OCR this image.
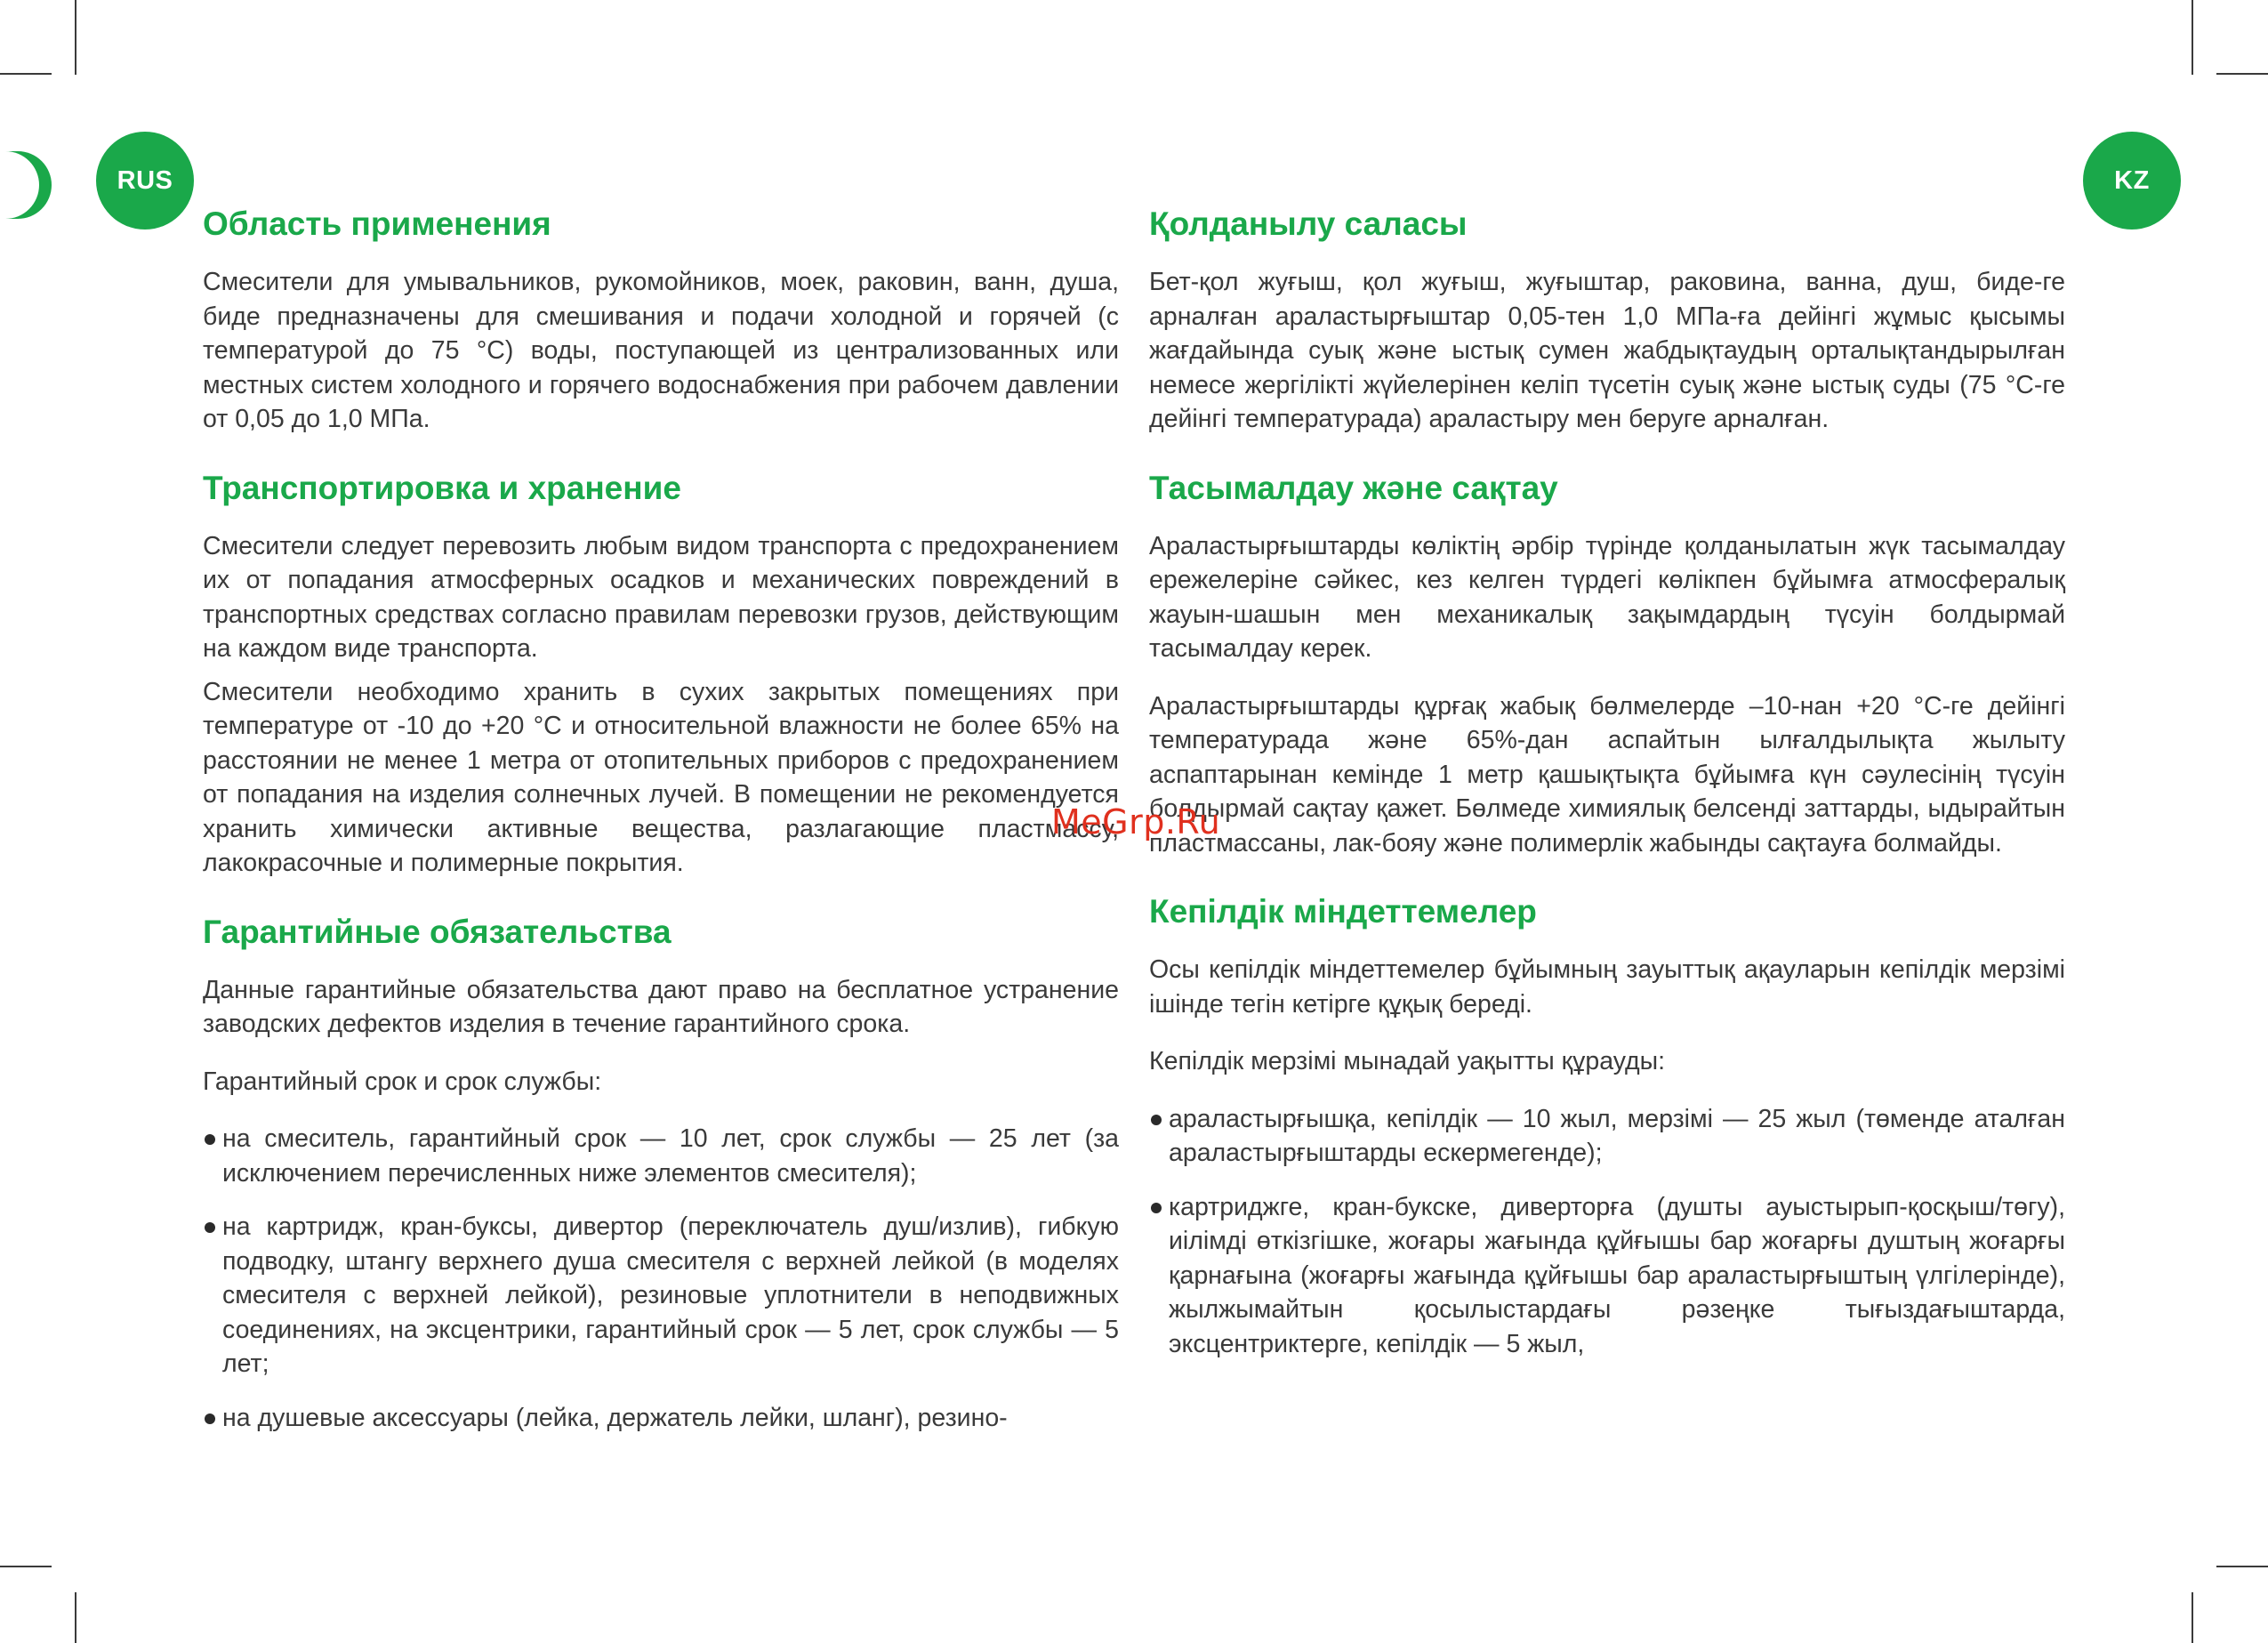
RUS	KZ
Область применения

Смесители для умывальников, рукомойников, моек, раковин, ванн, душа, биде предназначены для смешивания и подачи холодной и горячей (с температурой до 75 °С) воды, поступающей из централизованных или местных систем холодного и горячего водоснабжения при рабочем давлении от 0,05 до 1,0 МПа.

Транспортировка и хранение

Смесители следует перевозить любым видом транспорта с предохранением их от попадания атмосферных осадков и механических повреждений в транспортных средствах согласно правилам перевозки грузов, действующим на каждом виде транспорта.

Смесители необходимо хранить в сухих закрытых помещениях при температуре от -10 до +20 °С и относительной влажности не более 65% на расстоянии не менее 1 метра от отопительных приборов с предохранением от попадания на изделия солнечных лучей. В помещении не рекомендуется хранить химически активные вещества, разлагающие пластмассу, лакокрасочные и полимерные покрытия.

Гарантийные обязательства

Данные гарантийные обязательства дают право на бесплатное устранение заводских дефектов изделия в течение гарантийного срока.

Гарантийный срок и срок службы:

на смеситель, гарантийный срок — 10 лет, срок службы — 25 лет (за исключением перечисленных ниже элементов смесителя);
на картридж, кран-буксы, дивертор (переключатель душ/излив), гибкую подводку, штангу верхнего душа смесителя с верхней лейкой (в моделях смесителя с верхней лейкой), резиновые уплотнители в неподвижных соединениях, на эксцентрики, гарантийный срок — 5 лет, срок службы — 5 лет;
на душевые аксессуары (лейка, держатель лейки, шланг), резино-
Қолданылу саласы

Бет-қол жуғыш, қол жуғыш, жуғыштар, раковина, ванна, душ, биде-ге арналған араластырғыштар 0,05-тен 1,0 МПа-ға дейінгі жұмыс қысымы жағдайында суық және ыстық сумен жабдықтаудың орталықтандырылған немесе жергілікті жүйелерінен келіп түсетін суық және ыстық суды (75 °С-ге дейінгі температурада) араластыру мен беруге арналған.

Тасымалдау және сақтау

Араластырғыштарды көліктің әрбір түрінде қолданылатын жүк тасымалдау ережелеріне сәйкес, кез келген түрдегі көлікпен бұйымға атмосфералық жауын-шашын мен механикалық зақымдардың түсуін болдырмай тасымалдау керек.

Араластырғыштарды құрғақ жабық бөлмелерде –10-нан +20 °С-ге дейінгі температурада және 65%-дан аспайтын ылғалдылықта жылыту аспаптарынан кемінде 1 метр қашықтықта бұйымға күн сәулесінің түсуін болдырмай сақтау қажет. Бөлмеде химиялық белсенді заттарды, ыдырайтын пластмассаны, лак-бояу және полимерлік жабынды сақтауға болмайды.

Кепілдік міндеттемелер

Осы кепілдік міндеттемелер бұйымның зауыттық ақауларын кепілдік мерзімі ішінде тегін кетірге құқық береді.

Кепілдік мерзімі мынадай уақытты құрауды:

араластырғышқа, кепілдік — 10 жыл, мерзімі — 25 жыл (төменде аталған араластырғыштарды ескермегенде);
картриджге, кран-букске, диверторға (душты ауыстырып-қосқыш/төгу), иілімді өткізгішке, жоғары жағында құйғышы бар жоғарғы душтың жоғарғы қарнағына (жоғарғы жағында құйғышы бар араластырғыштың үлгілерінде), жылжымайтын қосылыстардағы рәзеңке тығыздағыштарда, эксцентриктерге, кепілдік — 5 жыл,
MeGrp.Ru
